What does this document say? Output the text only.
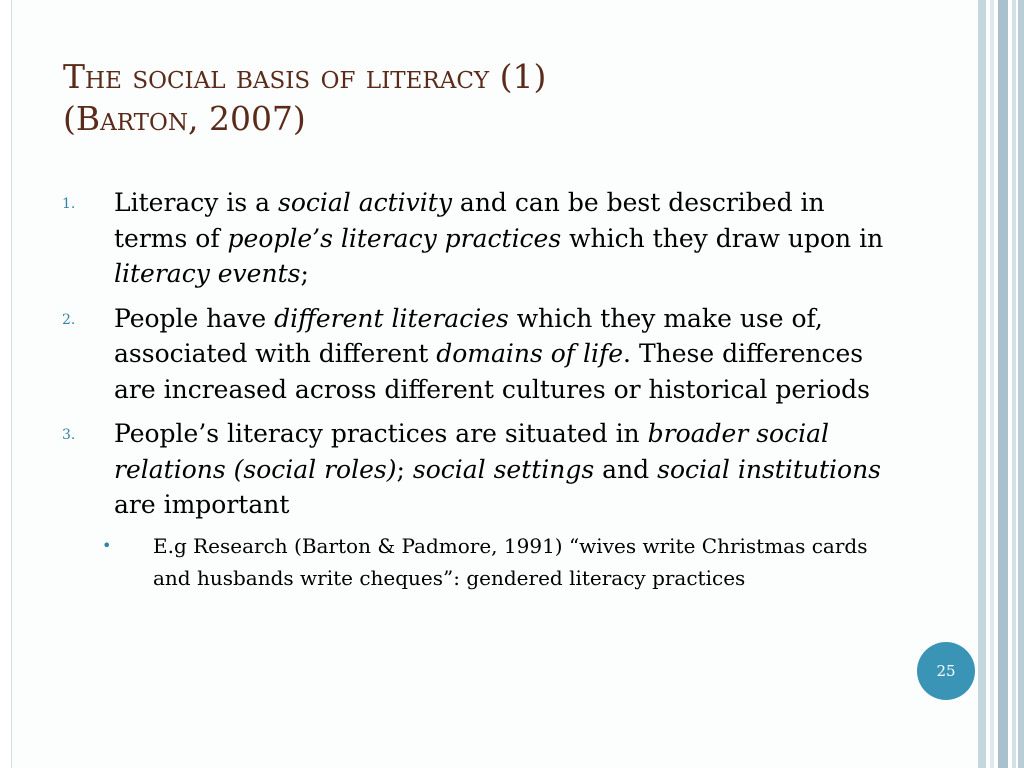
The social basis of literacy (1)
(Barton, 2007)
1. Literacy is a social activity and can be best described in terms of people’s literacy practices which they draw upon in literacy events;
2. People have different literacies which they make use of, associated with different domains of life. These differences are increased across different cultures or historical periods
3. People’s literacy practices are situated in broader social relations (social roles); social settings and social institutions are important
• E.g Research (Barton & Padmore, 1991) “wives write Christmas cards and husbands write cheques”: gendered literacy practices
25
